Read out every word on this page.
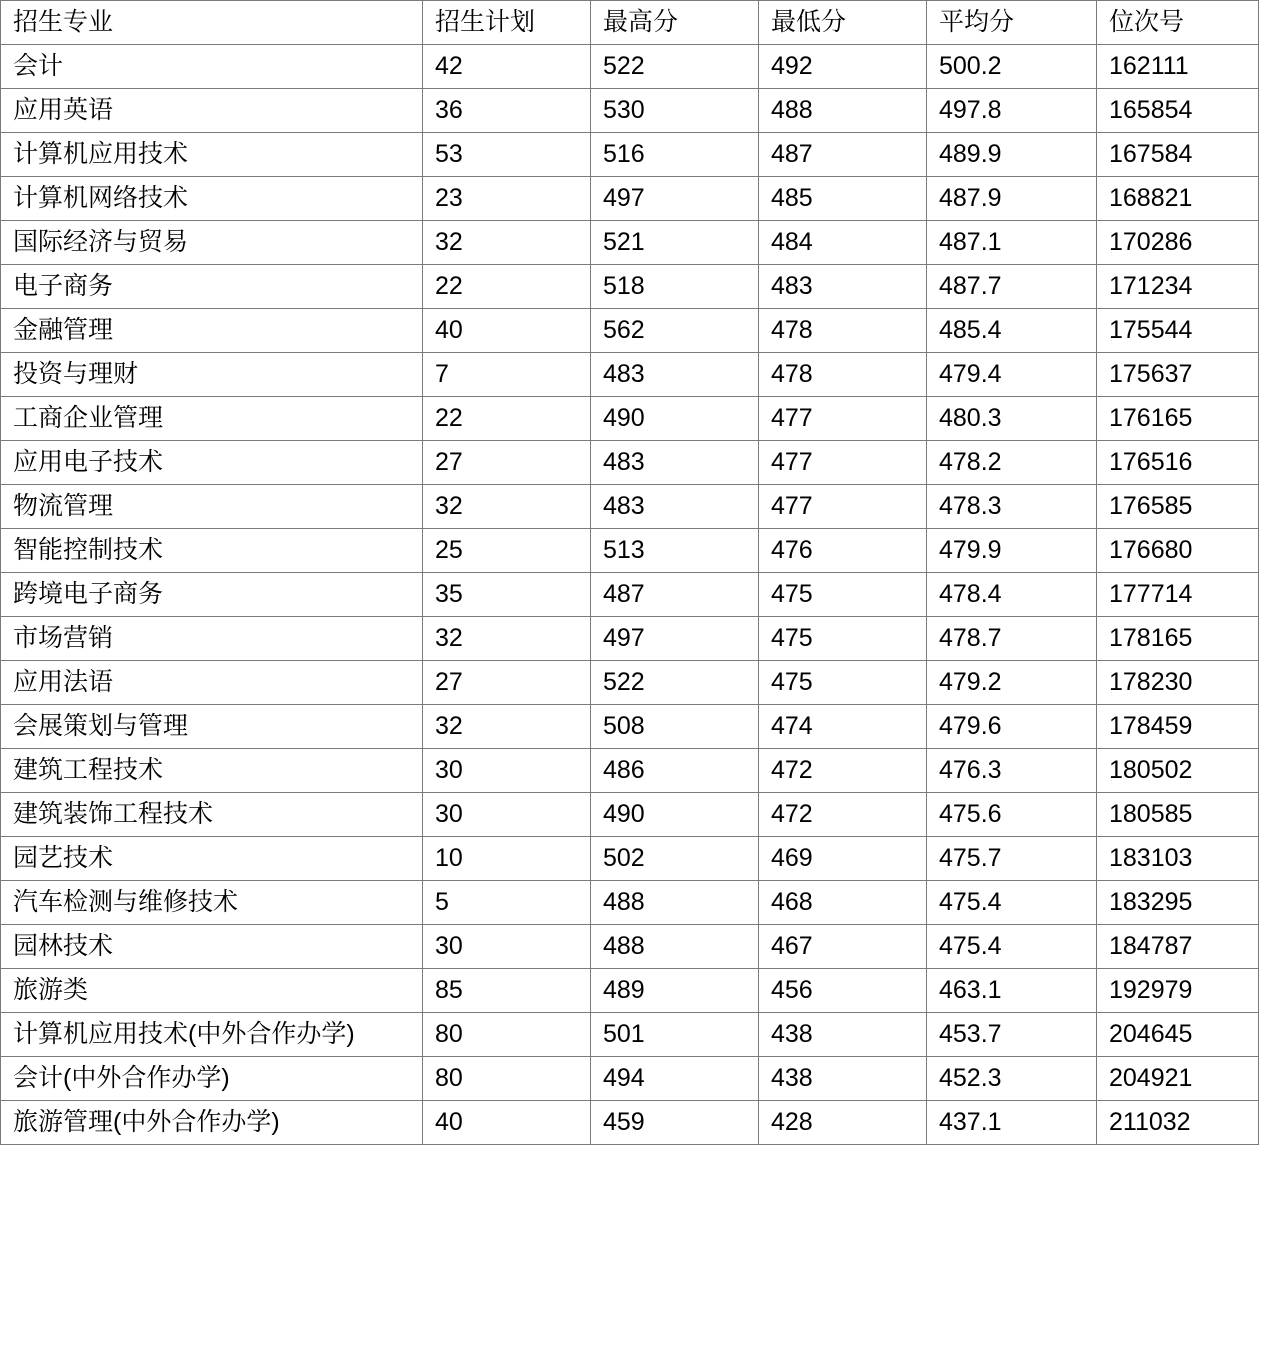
招生专业	招生计划	最高分	最低分	平均分	位次号
会计	42	522	492	500.2	162111
应用英语	36	530	488	497.8	165854
计算机应用技术	53	516	487	489.9	167584
计算机网络技术	23	497	485	487.9	168821
国际经济与贸易	32	521	484	487.1	170286
电子商务	22	518	483	487.7	171234
金融管理	40	562	478	485.4	175544
投资与理财	7	483	478	479.4	175637
工商企业管理	22	490	477	480.3	176165
应用电子技术	27	483	477	478.2	176516
物流管理	32	483	477	478.3	176585
智能控制技术	25	513	476	479.9	176680
跨境电子商务	35	487	475	478.4	177714
市场营销	32	497	475	478.7	178165
应用法语	27	522	475	479.2	178230
会展策划与管理	32	508	474	479.6	178459
建筑工程技术	30	486	472	476.3	180502
建筑装饰工程技术	30	490	472	475.6	180585
园艺技术	10	502	469	475.7	183103
汽车检测与维修技术	5	488	468	475.4	183295
园林技术	30	488	467	475.4	184787
旅游类	85	489	456	463.1	192979
计算机应用技术(中外合作办学)	80	501	438	453.7	204645
会计(中外合作办学)	80	494	438	452.3	204921
旅游管理(中外合作办学)	40	459	428	437.1	211032
